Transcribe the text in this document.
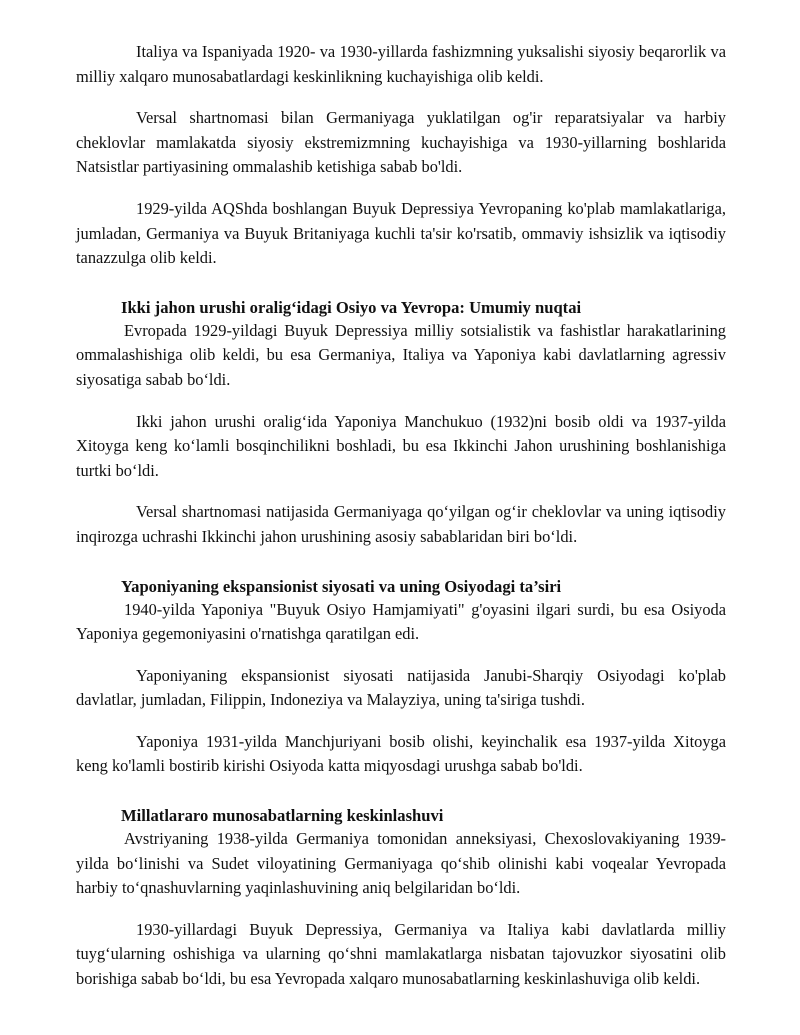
Italiya va Ispaniyada 1920- va 1930-yillarda fashizmning yuksalishi siyosiy beqarorlik va milliy xalqaro munosabatlardagi keskinlikning kuchayishiga olib keldi.

Versal shartnomasi bilan Germaniyaga yuklatilgan og'ir reparatsiyalar va harbiy cheklovlar mamlakatda siyosiy ekstremizmning kuchayishiga va 1930-yillarning boshlarida Natsistlar partiyasining ommalashib ketishiga sabab bo'ldi.

1929-yilda AQShda boshlangan Buyuk Depressiya Yevropaning ko'plab mamlakatlariga, jumladan, Germaniya va Buyuk Britaniyaga kuchli ta'sir ko'rsatib, ommaviy ishsizlik va iqtisodiy tanazzulga olib keldi.

Ikki jahon urushi oralig‘idagi Osiyo va Yevropa: Umumiy nuqtai

Evropada 1929-yildagi Buyuk Depressiya milliy sotsialistik va fashistlar harakatlarining ommalashishiga olib keldi, bu esa Germaniya, Italiya va Yaponiya kabi davlatlarning agressiv siyosatiga sabab bo‘ldi.

Ikki jahon urushi oralig‘ida Yaponiya Manchukuo (1932)ni bosib oldi va 1937-yilda Xitoyga keng ko‘lamli bosqinchilikni boshladi, bu esa Ikkinchi Jahon urushining boshlanishiga turtki bo‘ldi.

Versal shartnomasi natijasida Germaniyaga qo‘yilgan og‘ir cheklovlar va uning iqtisodiy inqirozga uchrashi Ikkinchi jahon urushining asosiy sabablaridan biri bo‘ldi.

Yaponiyaning ekspansionist siyosati va uning Osiyodagi ta’siri

1940-yilda Yaponiya "Buyuk Osiyo Hamjamiyati" g'oyasini ilgari surdi, bu esa Osiyoda Yaponiya gegemoniyasini o'rnatishga qaratilgan edi.

Yaponiyaning ekspansionist siyosati natijasida Janubi-Sharqiy Osiyodagi ko'plab davlatlar, jumladan, Filippin, Indoneziya va Malayziya, uning ta'siriga tushdi.

Yaponiya 1931-yilda Manchjuriyani bosib olishi, keyinchalik esa 1937-yilda Xitoyga keng ko'lamli bostirib kirishi Osiyoda katta miqyosdagi urushga sabab bo'ldi.

Millatlararo munosabatlarning keskinlashuvi

Avstriyaning 1938-yilda Germaniya tomonidan anneksiyasi, Chexoslovakiyaning 1939-yilda bo‘linishi va Sudet viloyatining Germaniyaga qo‘shib olinishi kabi voqealar Yevropada harbiy to‘qnashuvlarning yaqinlashuvining aniq belgilaridan bo‘ldi.

1930-yillardagi Buyuk Depressiya, Germaniya va Italiya kabi davlatlarda milliy tuyg‘ularning oshishiga va ularning qo‘shni mamlakatlarga nisbatan tajovuzkor siyosatini olib borishiga sabab bo‘ldi, bu esa Yevropada xalqaro munosabatlarning keskinlashuviga olib keldi.
